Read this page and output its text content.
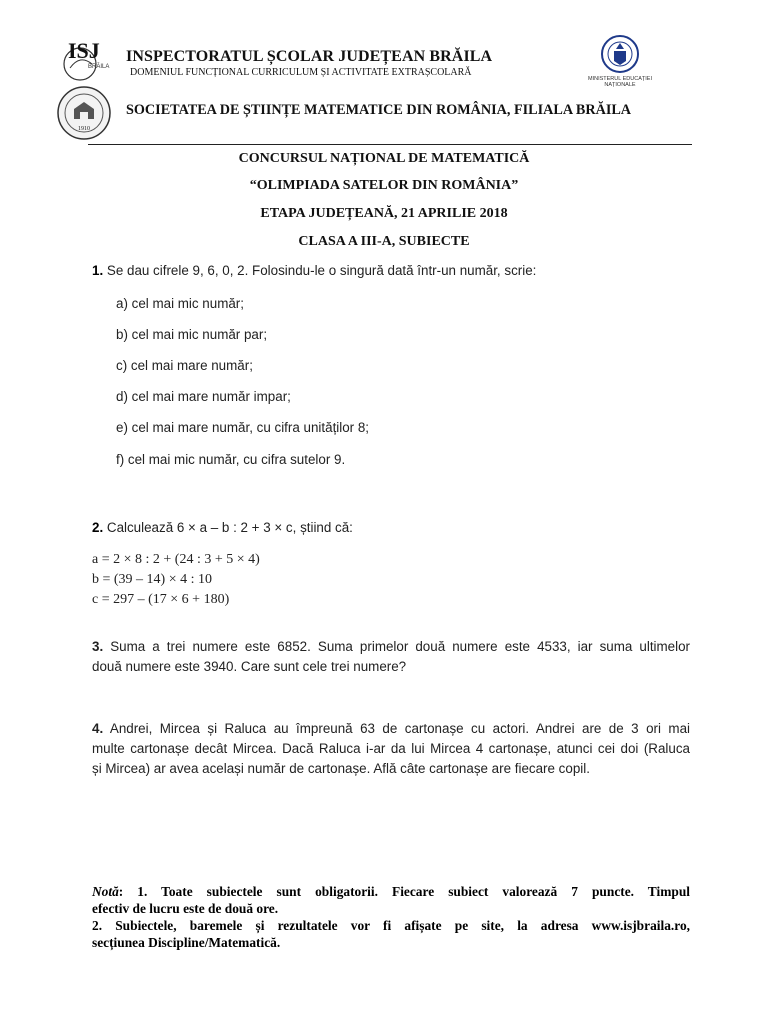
ISJ
BRĂILA
INSPECTORATUL ȘCOLAR JUDEȚEAN BRĂILA
DOMENIUL FUNCȚIONAL CURRICULUM ȘI ACTIVITATE EXTRAȘCOLARĂ
MINISTERUL EDUCAȚIEI
NAȚIONALE
1910
SOCIETATEA DE ȘTIINȚE MATEMATICE DIN ROMÂNIA, FILIALA BRĂILA
CONCURSUL NAȚIONAL DE MATEMATICĂ
“OLIMPIADA SATELOR DIN ROMÂNIA”
ETAPA JUDEȚEANĂ, 21 APRILIE 2018
CLASA A III-A, SUBIECTE
1. Se dau cifrele 9, 6, 0, 2. Folosindu-le o singură dată într-un număr, scrie:
a) cel mai mic număr;
b) cel mai mic număr par;
c) cel mai mare număr;
d) cel mai mare număr impar;
e) cel mai mare număr, cu cifra unităților 8;
f) cel mai mic număr, cu cifra sutelor 9.
2. Calculează 6 × a – b : 2 + 3 × c, știind că:
a = 2 × 8 : 2 + (24 : 3 + 5 × 4)
b = (39 – 14) × 4 : 10
c = 297 – (17 × 6 + 180)
3. Suma a trei numere este 6852. Suma primelor două numere este 4533, iar suma ultimelor
două numere este 3940. Care sunt cele trei numere?
4. Andrei, Mircea și Raluca au împreună 63 de cartonașe cu actori. Andrei are de 3 ori mai
multe cartonașe decât Mircea. Dacă Raluca i-ar da lui Mircea 4 cartonașe, atunci cei doi (Raluca
și Mircea) ar avea același număr de cartonașe. Află câte cartonașe are fiecare copil.
Notă: 1. Toate subiectele sunt obligatorii. Fiecare subiect valorează 7 puncte. Timpul
efectiv de lucru este de două ore.
2. Subiectele, baremele și rezultatele vor fi afișate pe site, la adresa www.isjbraila.ro,
secțiunea Discipline/Matematică.
